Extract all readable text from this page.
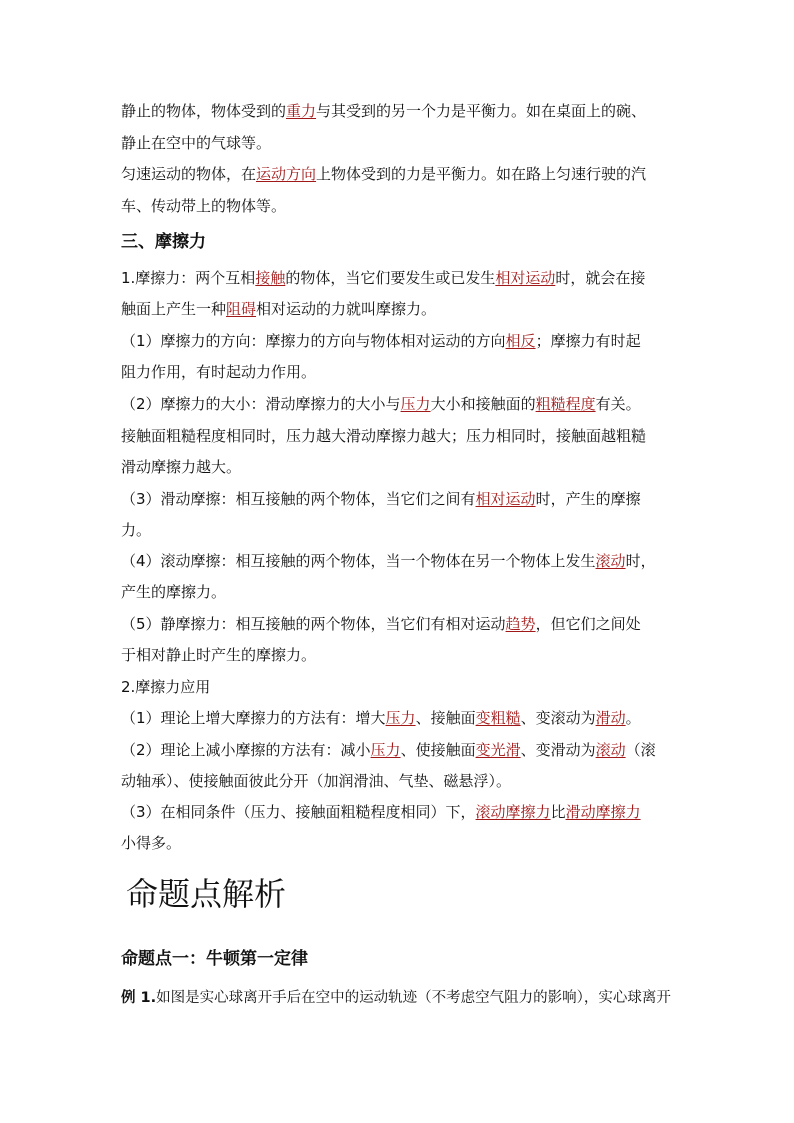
静止的物体，物体受到的重力与其受到的另一个力是平衡力。如在桌面上的碗、
静止在空中的气球等。
匀速运动的物体，在运动方向上物体受到的力是平衡力。如在路上匀速行驶的汽
车、传动带上的物体等。
三、摩擦力
1.摩擦力：两个互相接触的物体，当它们要发生或已发生相对运动时，就会在接
触面上产生一种阻碍相对运动的力就叫摩擦力。
（1）摩擦力的方向：摩擦力的方向与物体相对运动的方向相反；摩擦力有时起
阻力作用，有时起动力作用。
（2）摩擦力的大小：滑动摩擦力的大小与压力大小和接触面的粗糙程度有关。
接触面粗糙程度相同时，压力越大滑动摩擦力越大；压力相同时，接触面越粗糙
滑动摩擦力越大。
（3）滑动摩擦：相互接触的两个物体，当它们之间有相对运动时，产生的摩擦
力。
（4）滚动摩擦：相互接触的两个物体，当一个物体在另一个物体上发生滚动时，
产生的摩擦力。
（5）静摩擦力：相互接触的两个物体，当它们有相对运动趋势，但它们之间处
于相对静止时产生的摩擦力。
2.摩擦力应用
（1）理论上增大摩擦力的方法有：增大压力、接触面变粗糙、变滚动为滑动。
（2）理论上减小摩擦的方法有：减小压力、使接触面变光滑、变滑动为滚动（滚
动轴承）、使接触面彼此分开（加润滑油、气垫、磁悬浮）。
（3）在相同条件（压力、接触面粗糙程度相同）下，滚动摩擦力比滑动摩擦力
小得多。
命题点解析
命题点一：牛顿第一定律
例 1.如图是实心球离开手后在空中的运动轨迹（不考虑空气阻力的影响），实心球离开
